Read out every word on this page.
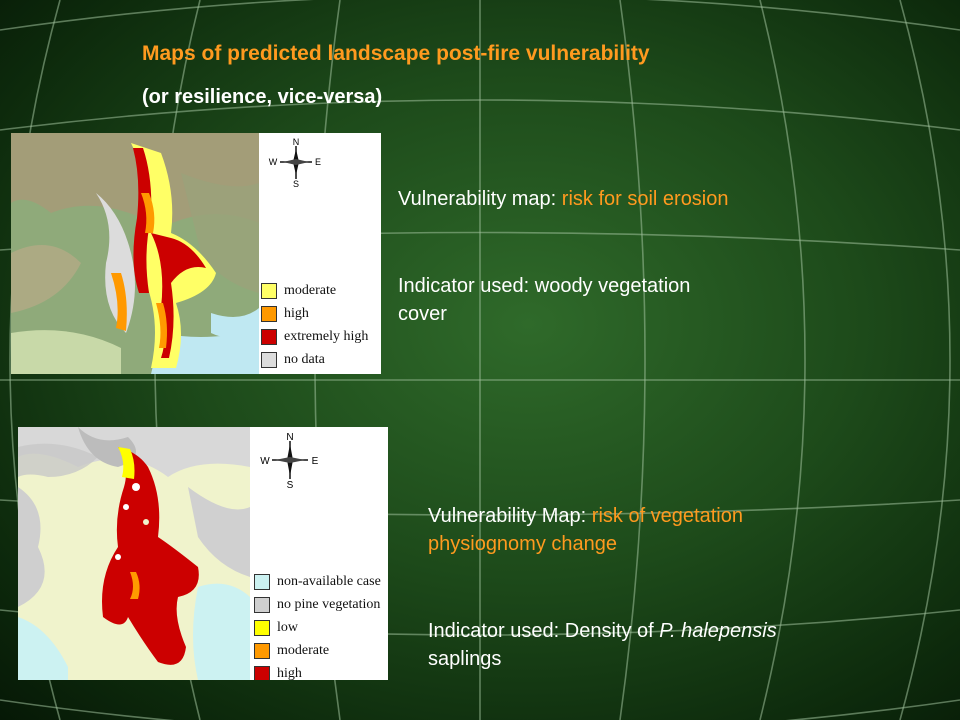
Maps of predicted landscape post-fire vulnerability
(or resilience, vice-versa)
N
S
W	E
moderate
high
extremely high
no data
Vulnerability map: risk for soil erosion
Indicator used: woody vegetation
cover
N
S
W	E
non-available case
no pine vegetation
low
moderate
high
Vulnerability Map: risk of vegetation
physiognomy change
Indicator used: Density of P. halepensis
saplings
